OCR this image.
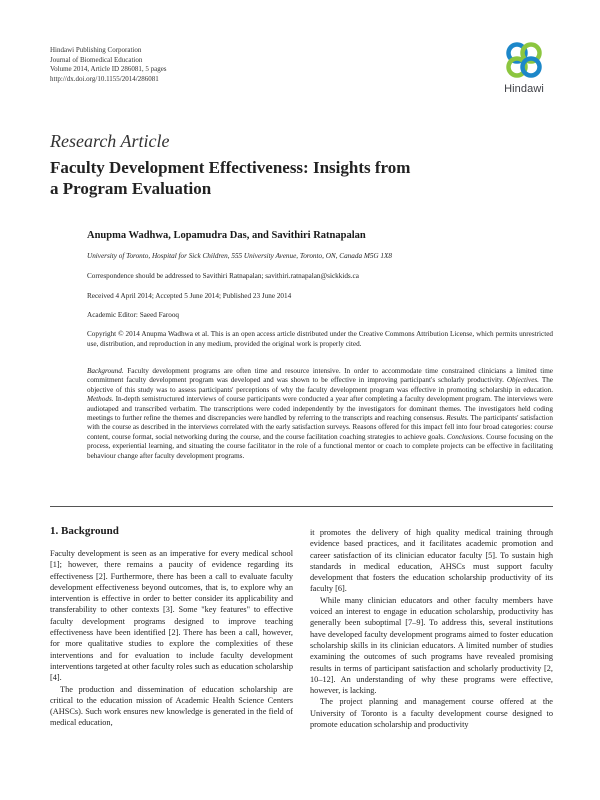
Hindawi Publishing Corporation
Journal of Biomedical Education
Volume 2014, Article ID 286081, 5 pages
http://dx.doi.org/10.1155/2014/286081
Hindawi
Research Article
Faculty Development Effectiveness: Insights from
a Program Evaluation
Anupma Wadhwa, Lopamudra Das, and Savithiri Ratnapalan
University of Toronto, Hospital for Sick Children, 555 University Avenue, Toronto, ON, Canada M5G 1X8
Correspondence should be addressed to Savithiri Ratnapalan; savithiri.ratnapalan@sickkids.ca
Received 4 April 2014; Accepted 5 June 2014; Published 23 June 2014
Academic Editor: Saeed Farooq
Copyright © 2014 Anupma Wadhwa et al. This is an open access article distributed under the Creative Commons Attribution License, which permits unrestricted use, distribution, and reproduction in any medium, provided the original work is properly cited.
Background. Faculty development programs are often time and resource intensive. In order to accommodate time constrained clinicians a limited time commitment faculty development program was developed and was shown to be effective in improving participant's scholarly productivity. Objectives. The objective of this study was to assess participants' perceptions of why the faculty development program was effective in promoting scholarship in education. Methods. In-depth semistructured interviews of course participants were conducted a year after completing a faculty development program. The interviews were audiotaped and transcribed verbatim. The transcriptions were coded independently by the investigators for dominant themes. The investigators held coding meetings to further refine the themes and discrepancies were handled by referring to the transcripts and reaching consensus. Results. The participants' satisfaction with the course as described in the interviews correlated with the early satisfaction surveys. Reasons offered for this impact fell into four broad categories: course content, course format, social networking during the course, and the course facilitation coaching strategies to achieve goals. Conclusions. Course focusing on the process, experiential learning, and situating the course facilitator in the role of a functional mentor or coach to complete projects can be effective in facilitating behaviour change after faculty development programs.
1. Background

Faculty development is seen as an imperative for every medical school [1]; however, there remains a paucity of evidence regarding its effectiveness [2]. Furthermore, there has been a call to evaluate faculty development effectiveness beyond outcomes, that is, to explore why an intervention is effective in order to better consider its applicability and transferability to other contexts [3]. Some "key features" to effective faculty development programs designed to improve teaching effectiveness have been identified [2]. There has been a call, however, for more qualitative studies to explore the complexities of these interventions and for evaluation to include faculty development interventions targeted at other faculty roles such as education scholarship [4].

The production and dissemination of education scholarship are critical to the education mission of Academic Health Science Centers (AHSCs). Such work ensures new knowledge is generated in the field of medical education,

it promotes the delivery of high quality medical training through evidence based practices, and it facilitates academic promotion and career satisfaction of its clinician educator faculty [5]. To sustain high standards in medical education, AHSCs must support faculty development that fosters the education scholarship productivity of its faculty [6].

While many clinician educators and other faculty members have voiced an interest to engage in education scholarship, productivity has generally been suboptimal [7–9]. To address this, several institutions have developed faculty development programs aimed to foster education scholarship skills in its clinician educators. A limited number of studies examining the outcomes of such programs have revealed promising results in terms of participant satisfaction and scholarly productivity [2, 10–12]. An understanding of why these programs were effective, however, is lacking.

The project planning and management course offered at the University of Toronto is a faculty development course designed to promote education scholarship and productivity
